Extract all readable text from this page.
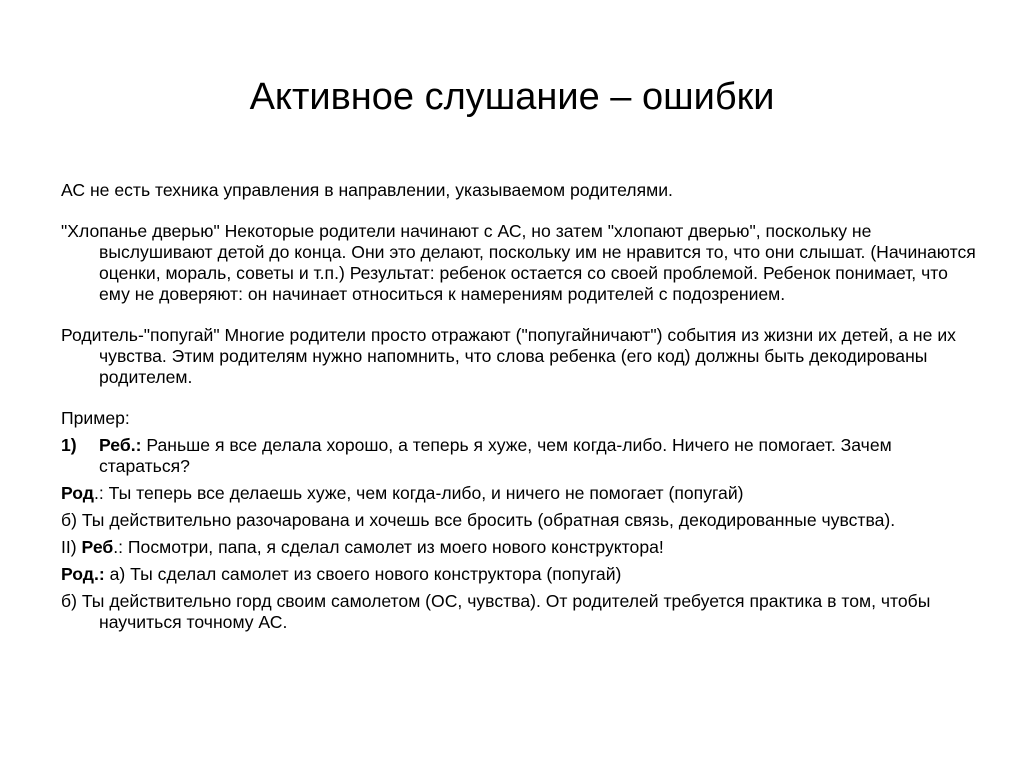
Активное слушание – ошибки

АС не есть техника управления в направлении, указываемом родителями.

"Хлопанье дверью" Некоторые родители начинают с АС, но затем "хлопают дверью", поскольку не выслушивают детой до конца. Они это делают, поскольку им не нравится то, что они слышат. (Начинаются оценки, мораль, советы и т.п.) Результат: ребенок остается со своей проблемой. Ребенок понимает, что ему не доверяют: он начинает относиться к намерениям родителей с подозрением.

Родитель-"попугай" Многие родители просто отражают ("попугайничают") события из жизни их детей, а не их чувства. Этим родителям нужно напомнить, что слова ребенка (его код) должны быть декодированы родителем.

Пример:

1)	Реб.: Раньше я все делала хорошо, а теперь я хуже, чем когда-либо. Ничего не помогает. Зачем стараться?

Род.: Ты теперь все делаешь хуже, чем когда-либо, и ничего не помогает (попугай)

б) Ты действительно разочарована и хочешь все бросить (обратная связь, декодированные чувства).

II) Реб.: Посмотри, папа, я сделал самолет из моего нового конструктора!

Род.: а) Ты сделал самолет из своего нового конструктора (попугай)

б) Ты действительно горд своим самолетом (ОС, чувства). От родителей требуется практика в том, чтобы научиться точному АС.
